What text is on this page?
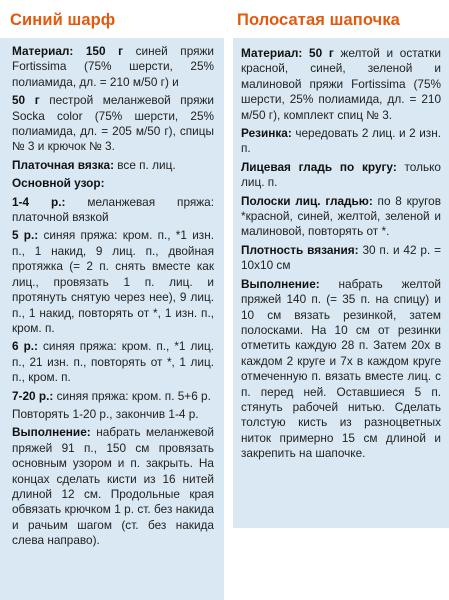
Синий шарф

Материал: 150 г синей пряжи Fortissima (75% шерсти, 25% полиамида, дл. = 210 м/50 г) и

50 г пестрой меланжевой пряжи Socka color (75% шерсти, 25% полиамида, дл. = 205 м/50 г), спицы № 3 и крючок № 3.

Платочная вязка: все п. лиц.

Основной узор:

1-4 р.: меланжевая пряжа: платочной вязкой

5 р.: синяя пряжа: кром. п., *1 изн. п., 1 накид, 9 лиц. п., двойная протяжка (= 2 п. снять вместе как лиц., провязать 1 п. лиц. и протянуть снятую через нее), 9 лиц. п., 1 накид, повторять от *, 1 изн. п., кром. п.

6 р.: синяя пряжа: кром. п., *1 лиц. п., 21 изн. п., повторять от *, 1 лиц. п., кром. п.

7-20 р.: синяя пряжа: кром. п. 5+6 р.

Повторять 1-20 р., закончив 1-4 р.

Выполнение: набрать меланжевой пряжей 91 п., 150 см провязать основным узором и п. закрыть. На концах сделать кисти из 16 нитей длиной 12 см. Продольные края обвязать крючком 1 р. ст. без накида и рачьим шагом (ст. без накида слева направо).

Полосатая шапочка

Материал: 50 г желтой и остатки красной, синей, зеленой и малиновой пряжи Fortissima (75% шерсти, 25% полиамида, дл. = 210 м/50 г), комплект спиц № 3.

Резинка: чередовать 2 лиц. и 2 изн. п.

Лицевая гладь по кругу: только лиц. п.

Полоски лиц. гладью: по 8 кругов *красной, синей, желтой, зеленой и малиновой, повторять от *.

Плотность вязания: 30 п. и 42 р. = 10x10 см

Выполнение: набрать желтой пряжей 140 п. (= 35 п. на спицу) и 10 см вязать резинкой, затем полосками. На 10 см от резинки отметить каждую 28 п. Затем 20х в каждом 2 круге и 7х в каждом круге отмеченную п. вязать вместе лиц. с п. перед ней. Оставшиеся 5 п. стянуть рабочей нитью. Сделать толстую кисть из разноцветных ниток примерно 15 см длиной и закрепить на шапочке.
